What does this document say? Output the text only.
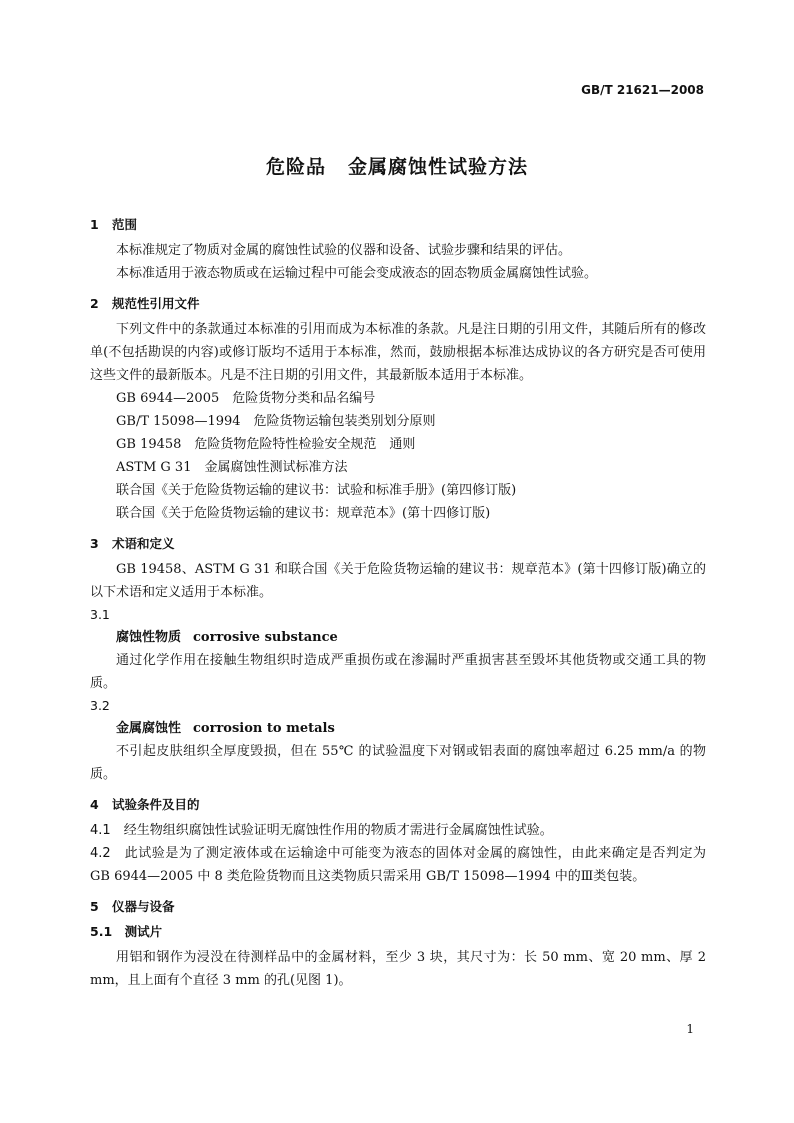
GB/T 21621—2008
危险品 金属腐蚀性试验方法
1 范围
本标准规定了物质对金属的腐蚀性试验的仪器和设备、试验步骤和结果的评估。
本标准适用于液态物质或在运输过程中可能会变成液态的固态物质金属腐蚀性试验。
2 规范性引用文件
下列文件中的条款通过本标准的引用而成为本标准的条款。凡是注日期的引用文件，其随后所有的修改单(不包括勘误的内容)或修订版均不适用于本标准，然而，鼓励根据本标准达成协议的各方研究是否可使用这些文件的最新版本。凡是不注日期的引用文件，其最新版本适用于本标准。
GB 6944—2005　危险货物分类和品名编号
GB/T 15098—1994　危险货物运输包装类别划分原则
GB 19458　危险货物危险特性检验安全规范　通则
ASTM G 31　金属腐蚀性测试标准方法
联合国《关于危险货物运输的建议书：试验和标准手册》(第四修订版)
联合国《关于危险货物运输的建议书：规章范本》(第十四修订版)
3 术语和定义
GB 19458、ASTM G 31 和联合国《关于危险货物运输的建议书：规章范本》(第十四修订版)确立的以下术语和定义适用于本标准。
3.1
腐蚀性物质 corrosive substance
通过化学作用在接触生物组织时造成严重损伤或在渗漏时严重损害甚至毁坏其他货物或交通工具的物质。
3.2
金属腐蚀性 corrosion to metals
不引起皮肤组织全厚度毁损，但在 55℃ 的试验温度下对钢或铝表面的腐蚀率超过 6.25 mm/a 的物质。
4 试验条件及目的
4.1　 经生物组织腐蚀性试验证明无腐蚀性作用的物质才需进行金属腐蚀性试验。
4.2　 此试验是为了测定液体或在运输途中可能变为液态的固体对金属的腐蚀性，由此来确定是否判定为 GB 6944—2005 中 8 类危险货物而且这类物质只需采用 GB/T 15098—1994 中的Ⅲ类包装。
5 仪器与设备
5.1　 测试片
用铝和钢作为浸没在待测样品中的金属材料，至少 3 块，其尺寸为：长 50 mm、宽 20 mm、厚 2 mm，且上面有个直径 3 mm 的孔(见图 1)。
1
